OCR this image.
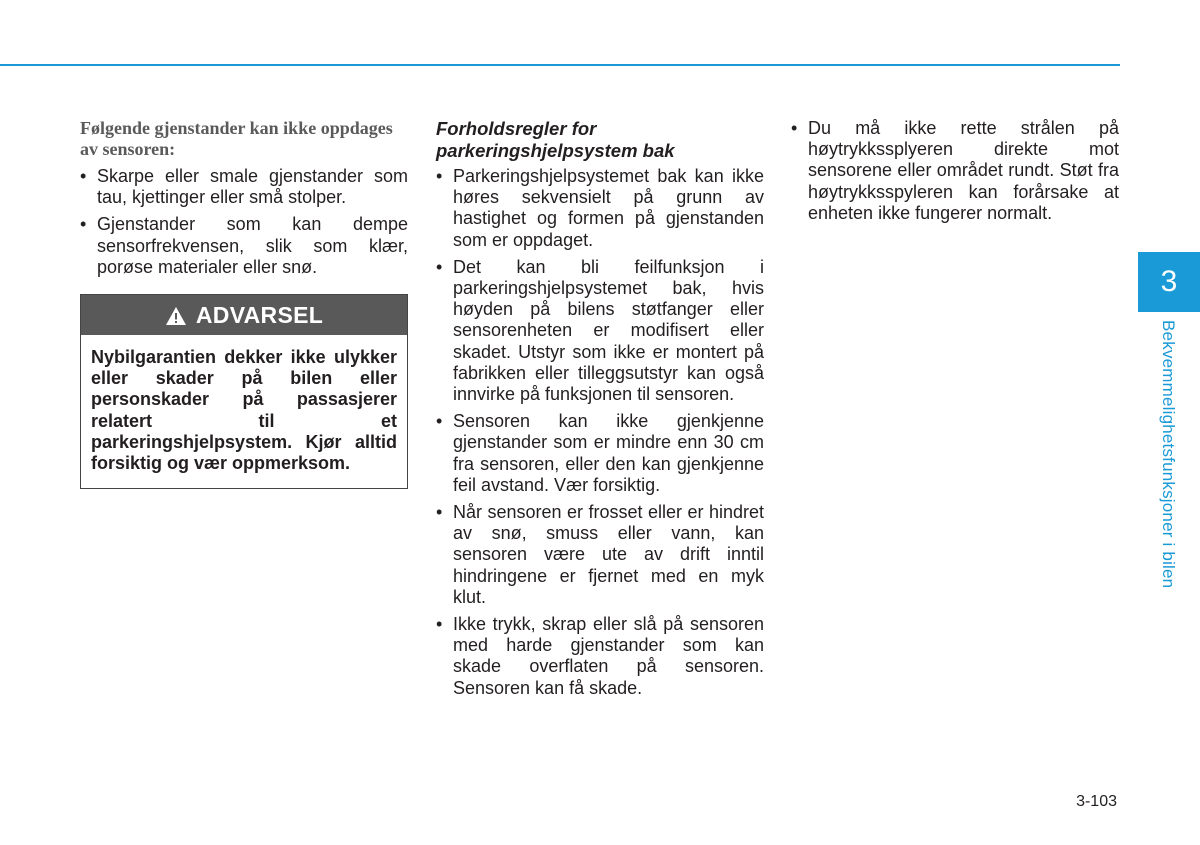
Følgende gjenstander kan ikke oppdages av sensoren:
• Skarpe eller smale gjenstander som tau, kjettinger eller små stolper.
• Gjenstander som kan dempe sensorfrekvensen, slik som klær, porøse materialer eller snø.
ADVARSEL
Nybilgarantien dekker ikke ulykker eller skader på bilen eller personskader på passasjerer relatert til et parkeringshjelpsystem. Kjør alltid forsiktig og vær oppmerksom.
Forholdsregler for parkeringshjelpsystem bak
• Parkeringshjelpsystemet bak kan ikke høres sekvensielt på grunn av hastighet og formen på gjenstanden som er oppdaget.
• Det kan bli feilfunksjon i parkeringshjelpsystemet bak, hvis høyden på bilens støtfanger eller sensorenheten er modifisert eller skadet. Utstyr som ikke er montert på fabrikken eller tilleggsutstyr kan også innvirke på funksjonen til sensoren.
• Sensoren kan ikke gjenkjenne gjenstander som er mindre enn 30 cm fra sensoren, eller den kan gjenkjenne feil avstand. Vær forsiktig.
• Når sensoren er frosset eller er hindret av snø, smuss eller vann, kan sensoren være ute av drift inntil hindringene er fjernet med en myk klut.
• Ikke trykk, skrap eller slå på sensoren med harde gjenstander som kan skade overflaten på sensoren. Sensoren kan få skade.
• Du må ikke rette strålen på høytrykkssplyeren direkte mot sensorene eller området rundt. Støt fra høytrykksspyleren kan forårsake at enheten ikke fungerer normalt.
3
Bekvemmelighetsfunksjoner i bilen
3-103
